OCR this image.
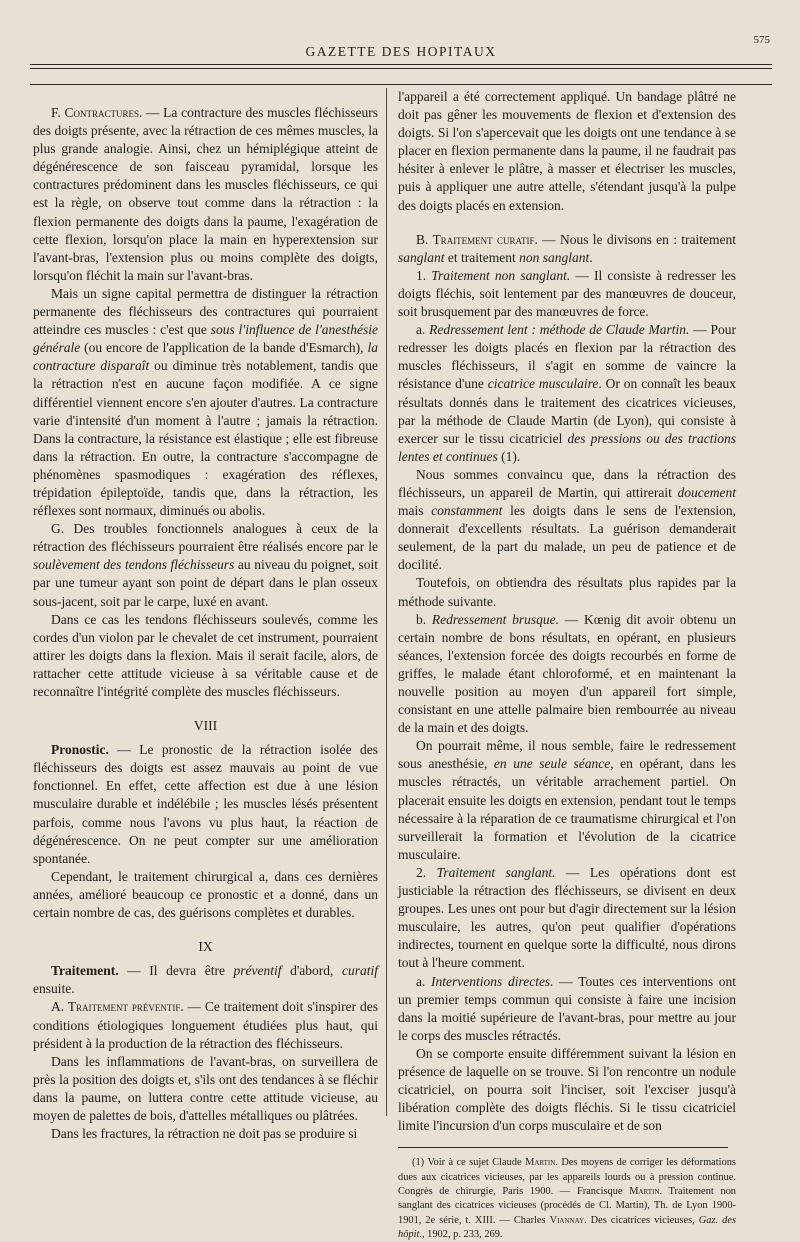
GAZETTE DES HOPITAUX
575

F. Contractures. — La contracture des muscles fléchisseurs des doigts présente, avec la rétraction de ces mêmes muscles, la plus grande analogie. Ainsi, chez un hémiplégique atteint de dégénérescence de son faisceau pyramidal, lorsque les contractures prédominent dans les muscles fléchisseurs, ce qui est la règle, on observe tout comme dans la rétraction : la flexion permanente des doigts dans la paume, l'exagération de cette flexion, lorsqu'on place la main en hyperextension sur l'avant-bras, l'extension plus ou moins complète des doigts, lorsqu'on fléchit la main sur l'avant-bras.

Mais un signe capital permettra de distinguer la rétraction permanente des fléchisseurs des contractures qui pourraient atteindre ces muscles : c'est que sous l'influence de l'anesthésie générale (ou encore de l'application de la bande d'Esmarch), la contracture disparaît ou diminue très notablement, tandis que la rétraction n'est en aucune façon modifiée. A ce signe différentiel viennent encore s'en ajouter d'autres. La contracture varie d'intensité d'un moment à l'autre ; jamais la rétraction. Dans la contracture, la résistance est élastique ; elle est fibreuse dans la rétraction. En outre, la contracture s'accompagne de phénomènes spasmodiques : exagération des réflexes, trépidation épileptoïde, tandis que, dans la rétraction, les réflexes sont normaux, diminués ou abolis.

G. Des troubles fonctionnels analogues à ceux de la rétraction des fléchisseurs pourraient être réalisés encore par le soulèvement des tendons fléchisseurs au niveau du poignet, soit par une tumeur ayant son point de départ dans le plan osseux sous-jacent, soit par le carpe, luxé en avant.

Dans ce cas les tendons fléchisseurs soulevés, comme les cordes d'un violon par le chevalet de cet instrument, pourraient attirer les doigts dans la flexion. Mais il serait facile, alors, de rattacher cette attitude vicieuse à sa véritable cause et de reconnaître l'intégrité complète des muscles fléchisseurs.

VIII

Pronostic. — Le pronostic de la rétraction isolée des fléchisseurs des doigts est assez mauvais au point de vue fonctionnel. En effet, cette affection est due à une lésion musculaire durable et indélébile ; les muscles lésés présentent parfois, comme nous l'avons vu plus haut, la réaction de dégénérescence. On ne peut compter sur une amélioration spontanée.

Cependant, le traitement chirurgical a, dans ces dernières années, amélioré beaucoup ce pronostic et a donné, dans un certain nombre de cas, des guérisons complètes et durables.

IX

Traitement. — Il devra être préventif d'abord, curatif ensuite.

A. Traitement préventif. — Ce traitement doit s'inspirer des conditions étiologiques longuement étudiées plus haut, qui président à la production de la rétraction des fléchisseurs.

Dans les inflammations de l'avant-bras, on surveillera de près la position des doigts et, s'ils ont des tendances à se fléchir dans la paume, on luttera contre cette attitude vicieuse, au moyen de palettes de bois, d'attelles métalliques ou plâtrées.

Dans les fractures, la rétraction ne doit pas se produire si

l'appareil a été correctement appliqué. Un bandage plâtré ne doit pas gêner les mouvements de flexion et d'extension des doigts. Si l'on s'apercevait que les doigts ont une tendance à se placer en flexion permanente dans la paume, il ne faudrait pas hésiter à enlever le plâtre, à masser et électriser les muscles, puis à appliquer une autre attelle, s'étendant jusqu'à la pulpe des doigts placés en extension.

B. Traitement curatif. — Nous le divisons en : traitement sanglant et traitement non sanglant.

1. Traitement non sanglant. — Il consiste à redresser les doigts fléchis, soit lentement par des manœuvres de douceur, soit brusquement par des manœuvres de force.

a. Redressement lent : méthode de Claude Martin. — Pour redresser les doigts placés en flexion par la rétraction des muscles fléchisseurs, il s'agit en somme de vaincre la résistance d'une cicatrice musculaire. Or on connaît les beaux résultats donnés dans le traitement des cicatrices vicieuses, par la méthode de Claude Martin (de Lyon), qui consiste à exercer sur le tissu cicatriciel des pressions ou des tractions lentes et continues (1).

Nous sommes convaincu que, dans la rétraction des fléchisseurs, un appareil de Martin, qui attirerait doucement mais constamment les doigts dans le sens de l'extension, donnerait d'excellents résultats. La guérison demanderait seulement, de la part du malade, un peu de patience et de docilité.

Toutefois, on obtiendra des résultats plus rapides par la méthode suivante.

b. Redressement brusque. — Kœnig dit avoir obtenu un certain nombre de bons résultats, en opérant, en plusieurs séances, l'extension forcée des doigts recourbés en forme de griffes, le malade étant chloroformé, et en maintenant la nouvelle position au moyen d'un appareil fort simple, consistant en une attelle palmaire bien rembourrée au niveau de la main et des doigts.

On pourrait même, il nous semble, faire le redressement sous anesthésie, en une seule séance, en opérant, dans les muscles rétractés, un véritable arrachement partiel. On placerait ensuite les doigts en extension, pendant tout le temps nécessaire à la réparation de ce traumatisme chirurgical et l'on surveillerait la formation et l'évolution de la cicatrice musculaire.

2. Traitement sanglant. — Les opérations dont est justiciable la rétraction des fléchisseurs, se divisent en deux groupes. Les unes ont pour but d'agir directement sur la lésion musculaire, les autres, qu'on peut qualifier d'opérations indirectes, tournent en quelque sorte la difficulté, nous dirons tout à l'heure comment.

a. Interventions directes. — Toutes ces interventions ont un premier temps commun qui consiste à faire une incision dans la moitié supérieure de l'avant-bras, pour mettre au jour le corps des muscles rétractés.

On se comporte ensuite différemment suivant la lésion en présence de laquelle on se trouve. Si l'on rencontre un nodule cicatriciel, on pourra soit l'inciser, soit l'exciser jusqu'à libération complète des doigts fléchis. Si le tissu cicatriciel limite l'incursion d'un corps musculaire et de son

(1) Voir à ce sujet Claude Martin. Des moyens de corriger les déformations dues aux cicatrices vicieuses, par les appareils lourds ou à pression continue. Congrès de chirurgie, Paris 1900. — Francisque Martin. Traitement non sanglant des cicatrices vicieuses (procédés de Cl. Martin), Th. de Lyon 1900-1901, 2e série, t. XIII. — Charles Viannay. Des cicatrices vicieuses, Gaz. des hôpit., 1902, p. 233, 269.
